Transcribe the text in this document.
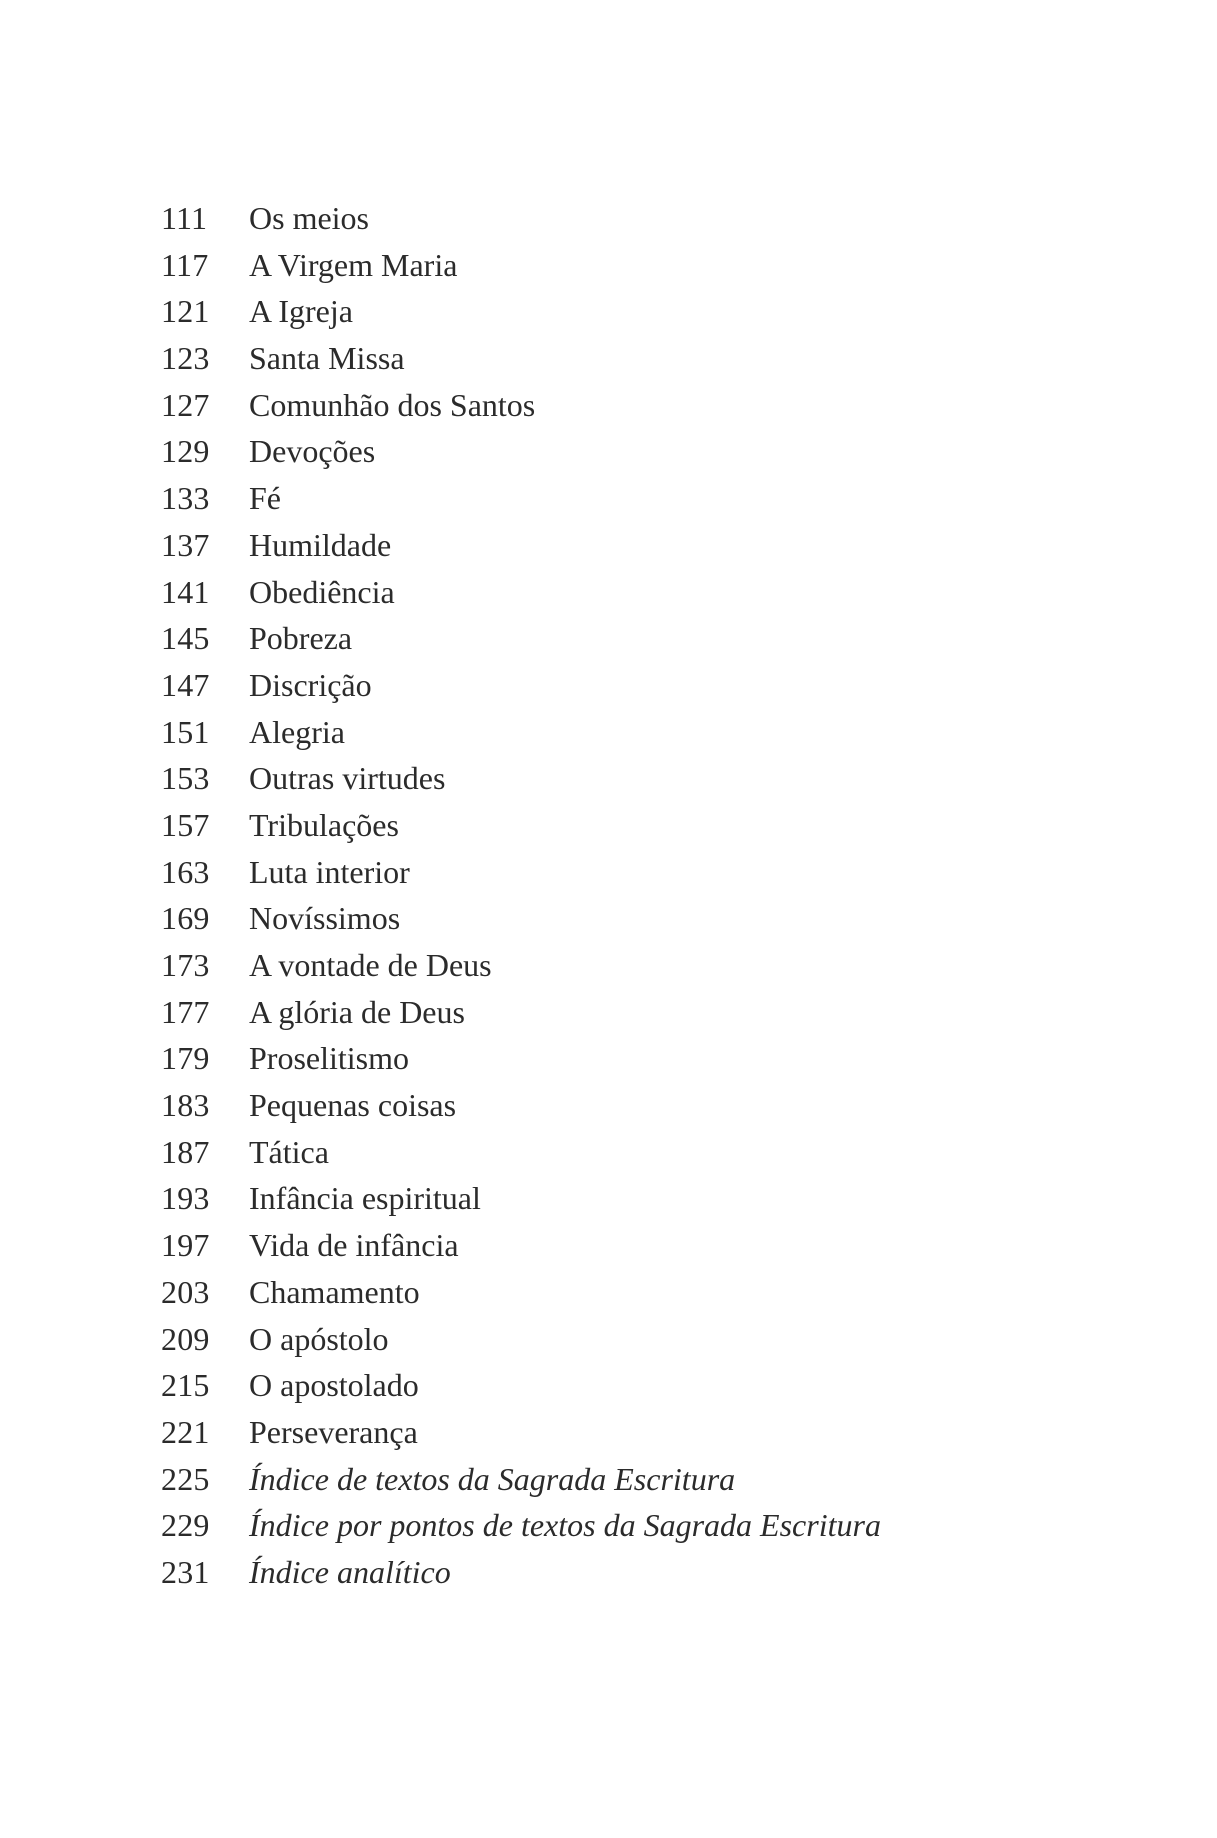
111	Os meios
117	A Virgem Maria
121	A Igreja
123	Santa Missa
127	Comunhão dos Santos
129	Devoções
133	Fé
137	Humildade
141	Obediência
145	Pobreza
147	Discrição
151	Alegria
153	Outras virtudes
157	Tribulações
163	Luta interior
169	Novíssimos
173	A vontade de Deus
177	A glória de Deus
179	Proselitismo
183	Pequenas coisas
187	Tática
193	Infância espiritual
197	Vida de infância
203	Chamamento
209	O apóstolo
215	O apostolado
221	Perseverança
225	Índice de textos da Sagrada Escritura
229	Índice por pontos de textos da Sagrada Escritura
231	Índice analítico
